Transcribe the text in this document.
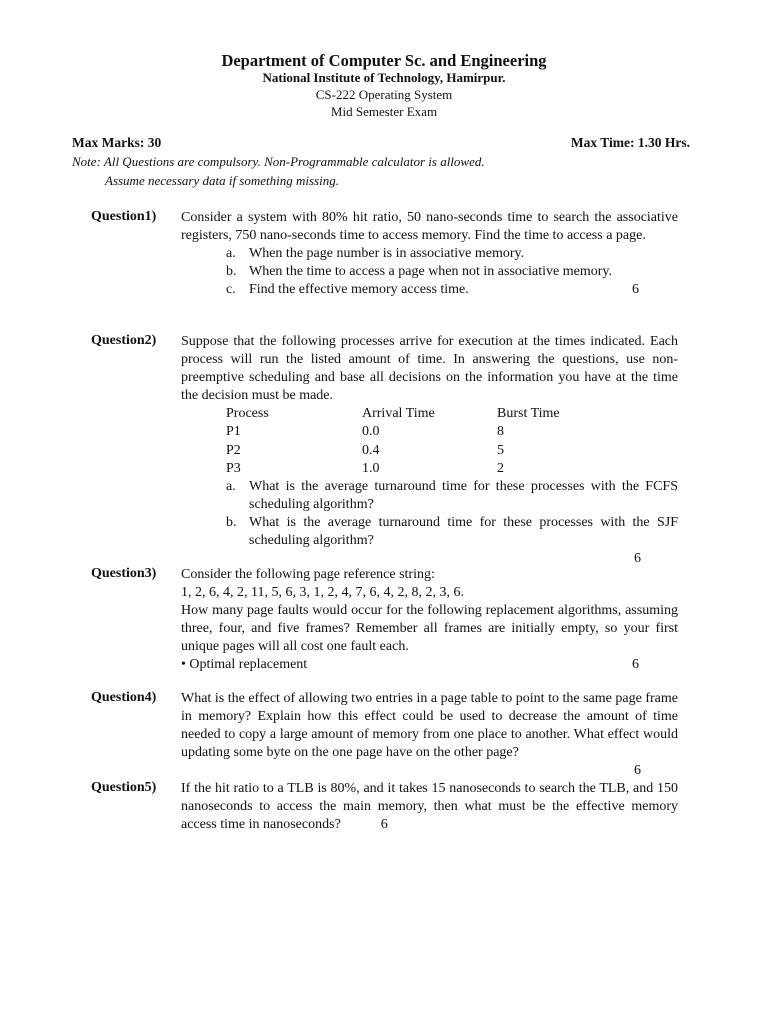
Department of Computer Sc. and Engineering
National Institute of Technology, Hamirpur.
CS-222 Operating System
Mid Semester Exam
Max Marks: 30	Max Time: 1.30 Hrs.
Note: All Questions are compulsory. Non-Programmable calculator is allowed.
Assume necessary data if something missing.
Question1) Consider a system with 80% hit ratio, 50 nano-seconds time to search the associative registers, 750 nano-seconds time to access memory. Find the time to access a page.

a. When the page number is in associative memory.
b. When the time to access a page when not in associative memory.
c. Find the effective memory access time.	6
Question2) Suppose that the following processes arrive for execution at the times indicated. Each process will run the listed amount of time. In answering the questions, use non-preemptive scheduling and base all decisions on the information you have at the time the decision must be made.

Process	Arrival Time	Burst Time
P1	0.0	8
P2	0.4	5
P3	1.0	2
a. What is the average turnaround time for these processes with the FCFS scheduling algorithm?
b. What is the average turnaround time for these processes with the SJF scheduling algorithm?
6
Question3) Consider the following page reference string:

1, 2, 6, 4, 2, 11, 5, 6, 3, 1, 2, 4, 7, 6, 4, 2, 8, 2, 3, 6.

How many page faults would occur for the following replacement algorithms, assuming three, four, and five frames? Remember all frames are initially empty, so your first unique pages will all cost one fault each.

• Optimal replacement	6
Question4) What is the effect of allowing two entries in a page table to point to the same page frame in memory? Explain how this effect could be used to decrease the amount of time needed to copy a large amount of memory from one place to another. What effect would updating some byte on the one page have on the other page?

6
Question5) If the hit ratio to a TLB is 80%, and it takes 15 nanoseconds to search the TLB, and 150 nanoseconds to access the main memory, then what must be the effective memory access time in nanoseconds?	6
